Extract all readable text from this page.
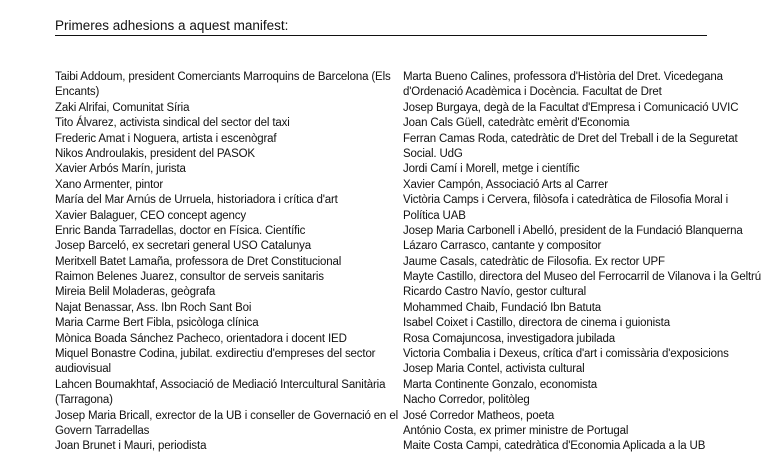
Primeres adhesions a aquest manifest:
Taibi Addoum, president Comerciants Marroquins de Barcelona (Els
Encants)
Zaki Alrifai, Comunitat Síria
Tito Álvarez, activista sindical del sector del taxi
Frederic Amat i Noguera, artista i escenògraf
Nikos Androulakis, president del PASOK
Xavier Arbós Marín, jurista
Xano Armenter, pintor
María del Mar Arnús de Urruela, historiadora i crítica d'art
Xavier Balaguer, CEO concept agency
Enric Banda Tarradellas, doctor en Física. Científic
Josep Barceló, ex secretari general USO Catalunya
Meritxell Batet Lamaña, professora de Dret Constitucional
Raimon Belenes Juarez, consultor de serveis sanitaris
Mireia Belil Moladeras, geògrafa
Najat Benassar, Ass. Ibn Roch Sant Boi
Maria Carme Bert Fibla, psicòloga clínica
Mònica Boada Sánchez Pacheco, orientadora i docent IED
Miquel Bonastre Codina, jubilat. exdirectiu d'empreses del sector
audiovisual
Lahcen Boumakhtaf, Associació de Mediació Intercultural Sanitària
(Tarragona)
Josep Maria Bricall, exrector de la UB i conseller de Governació en el
Govern Tarradellas
Joan Brunet i Mauri, periodista
Marta Bueno Calines, professora d'Història del Dret. Vicedegana
d'Ordenació Acadèmica i Docència. Facultat de Dret
Josep Burgaya, degà de la Facultat d'Empresa i Comunicació UVIC
Joan Cals Güell, catedràtc emèrit d'Economia
Ferran Camas Roda, catedràtic de Dret del Treball i de la Seguretat
Social. UdG
Jordi Camí i Morell, metge i científic
Xavier Campón, Associació Arts al Carrer
Victòria Camps i Cervera, filòsofa i catedràtica de Filosofia Moral i
Política UAB
Josep Maria Carbonell i Abelló, president de la Fundació Blanquerna
Lázaro Carrasco, cantante y compositor
Jaume Casals, catedràtic de Filosofia. Ex rector UPF
Mayte Castillo, directora del Museo del Ferrocarril de Vilanova i la Geltrú
Ricardo Castro Navío, gestor cultural
Mohammed Chaib, Fundació Ibn Batuta
Isabel Coixet i Castillo, directora de cinema i guionista
Rosa Comajuncosa, investigadora jubilada
Victoria Combalia i Dexeus, crítica d'art i comissària d'exposicions
Josep Maria Contel, activista cultural
Marta Continente Gonzalo, economista
Nacho Corredor, politòleg
José Corredor Matheos, poeta
António Costa, ex primer ministre de Portugal
Maite Costa Campi, catedràtica d'Economia Aplicada a la UB
